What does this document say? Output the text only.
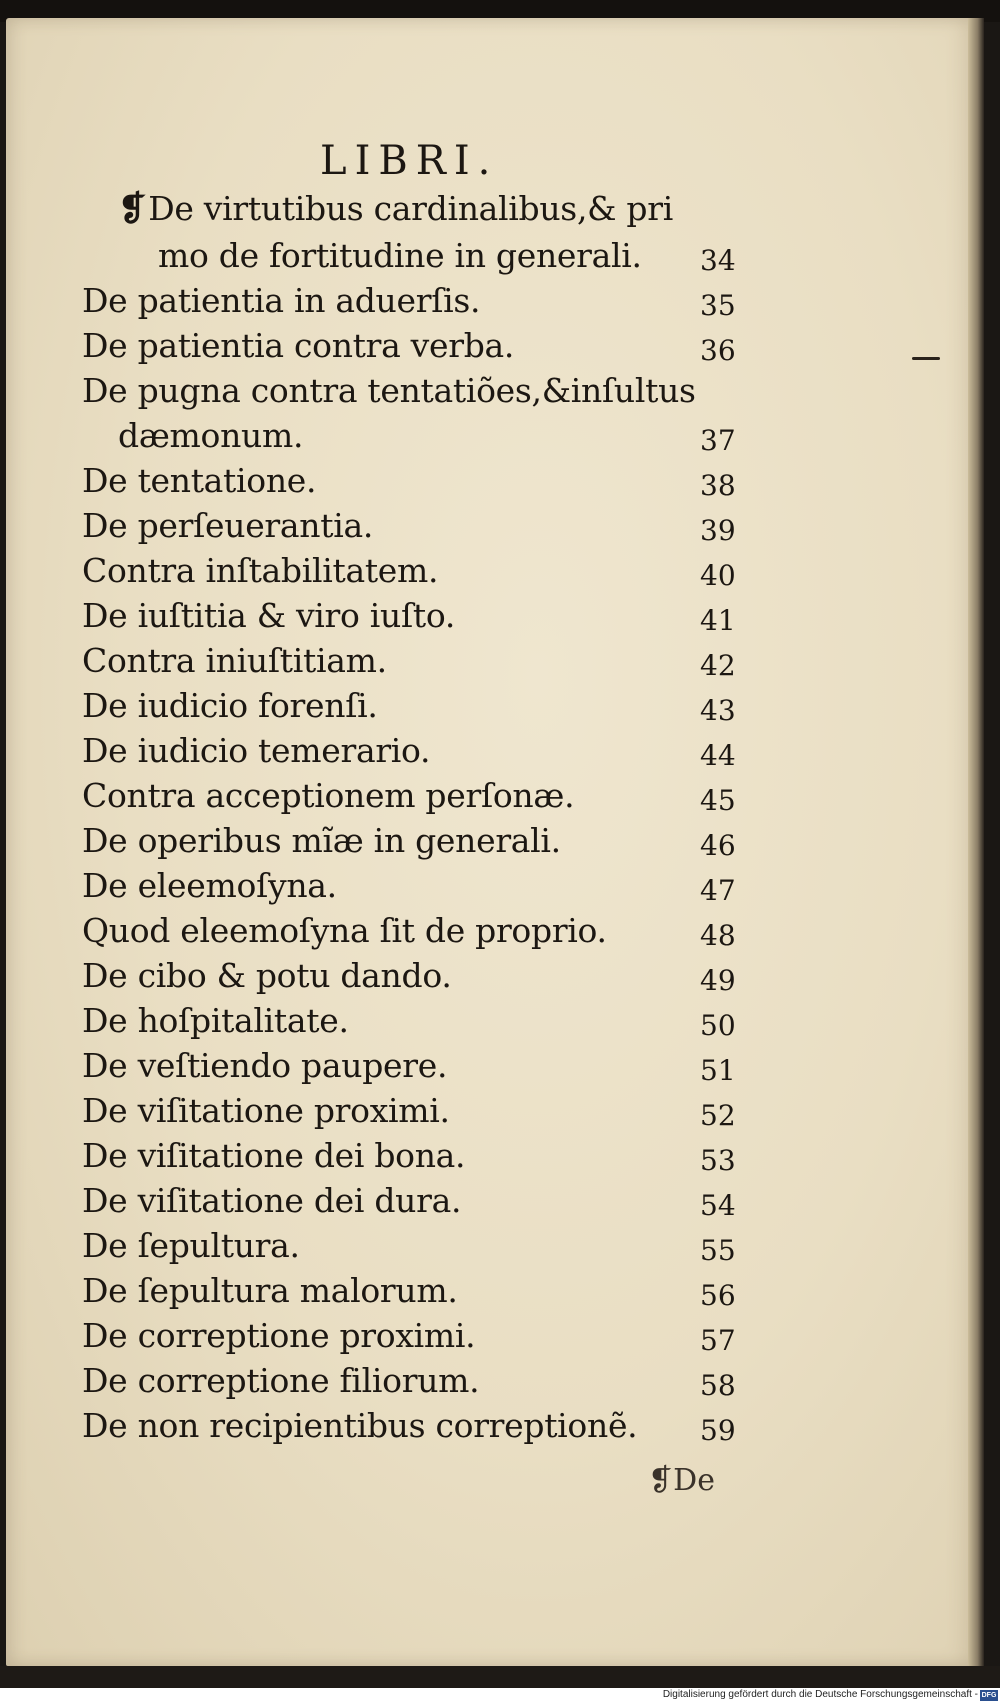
LIBRI.
❡De virtutibus cardinalibus,& pri
mo de fortitudine in generali. 34
De patientia in aduerſis.	35
De patientia contra verba.	36
De pugna contra tentatiões,&inſultus
dæmonum.	37
De tentatione.	38
De perſeuerantia.	39
Contra inſtabilitatem.	40
De iuſtitia & viro iuſto.	41
Contra iniuſtitiam.	42
De iudicio forenſi.	43
De iudicio temerario.	44
Contra acceptionem perſonæ.	45
De operibus mĩæ in generali.	46
De eleemoſyna.	47
Quod eleemoſyna ſit de proprio.	48
De cibo & potu dando.	49
De hoſpitalitate.	50
De veſtiendo paupere.	51
De viſitatione proximi.	52
De viſitatione dei bona.	53
De viſitatione dei dura.	54
De ſepultura.	55
De ſepultura malorum.	56
De correptione proximi.	57
De correptione filiorum.	58
De non recipientibus correptionẽ. 59
❡De
Digitalisierung gefördert durch die Deutsche Forschungsgemeinschaft - DFG
